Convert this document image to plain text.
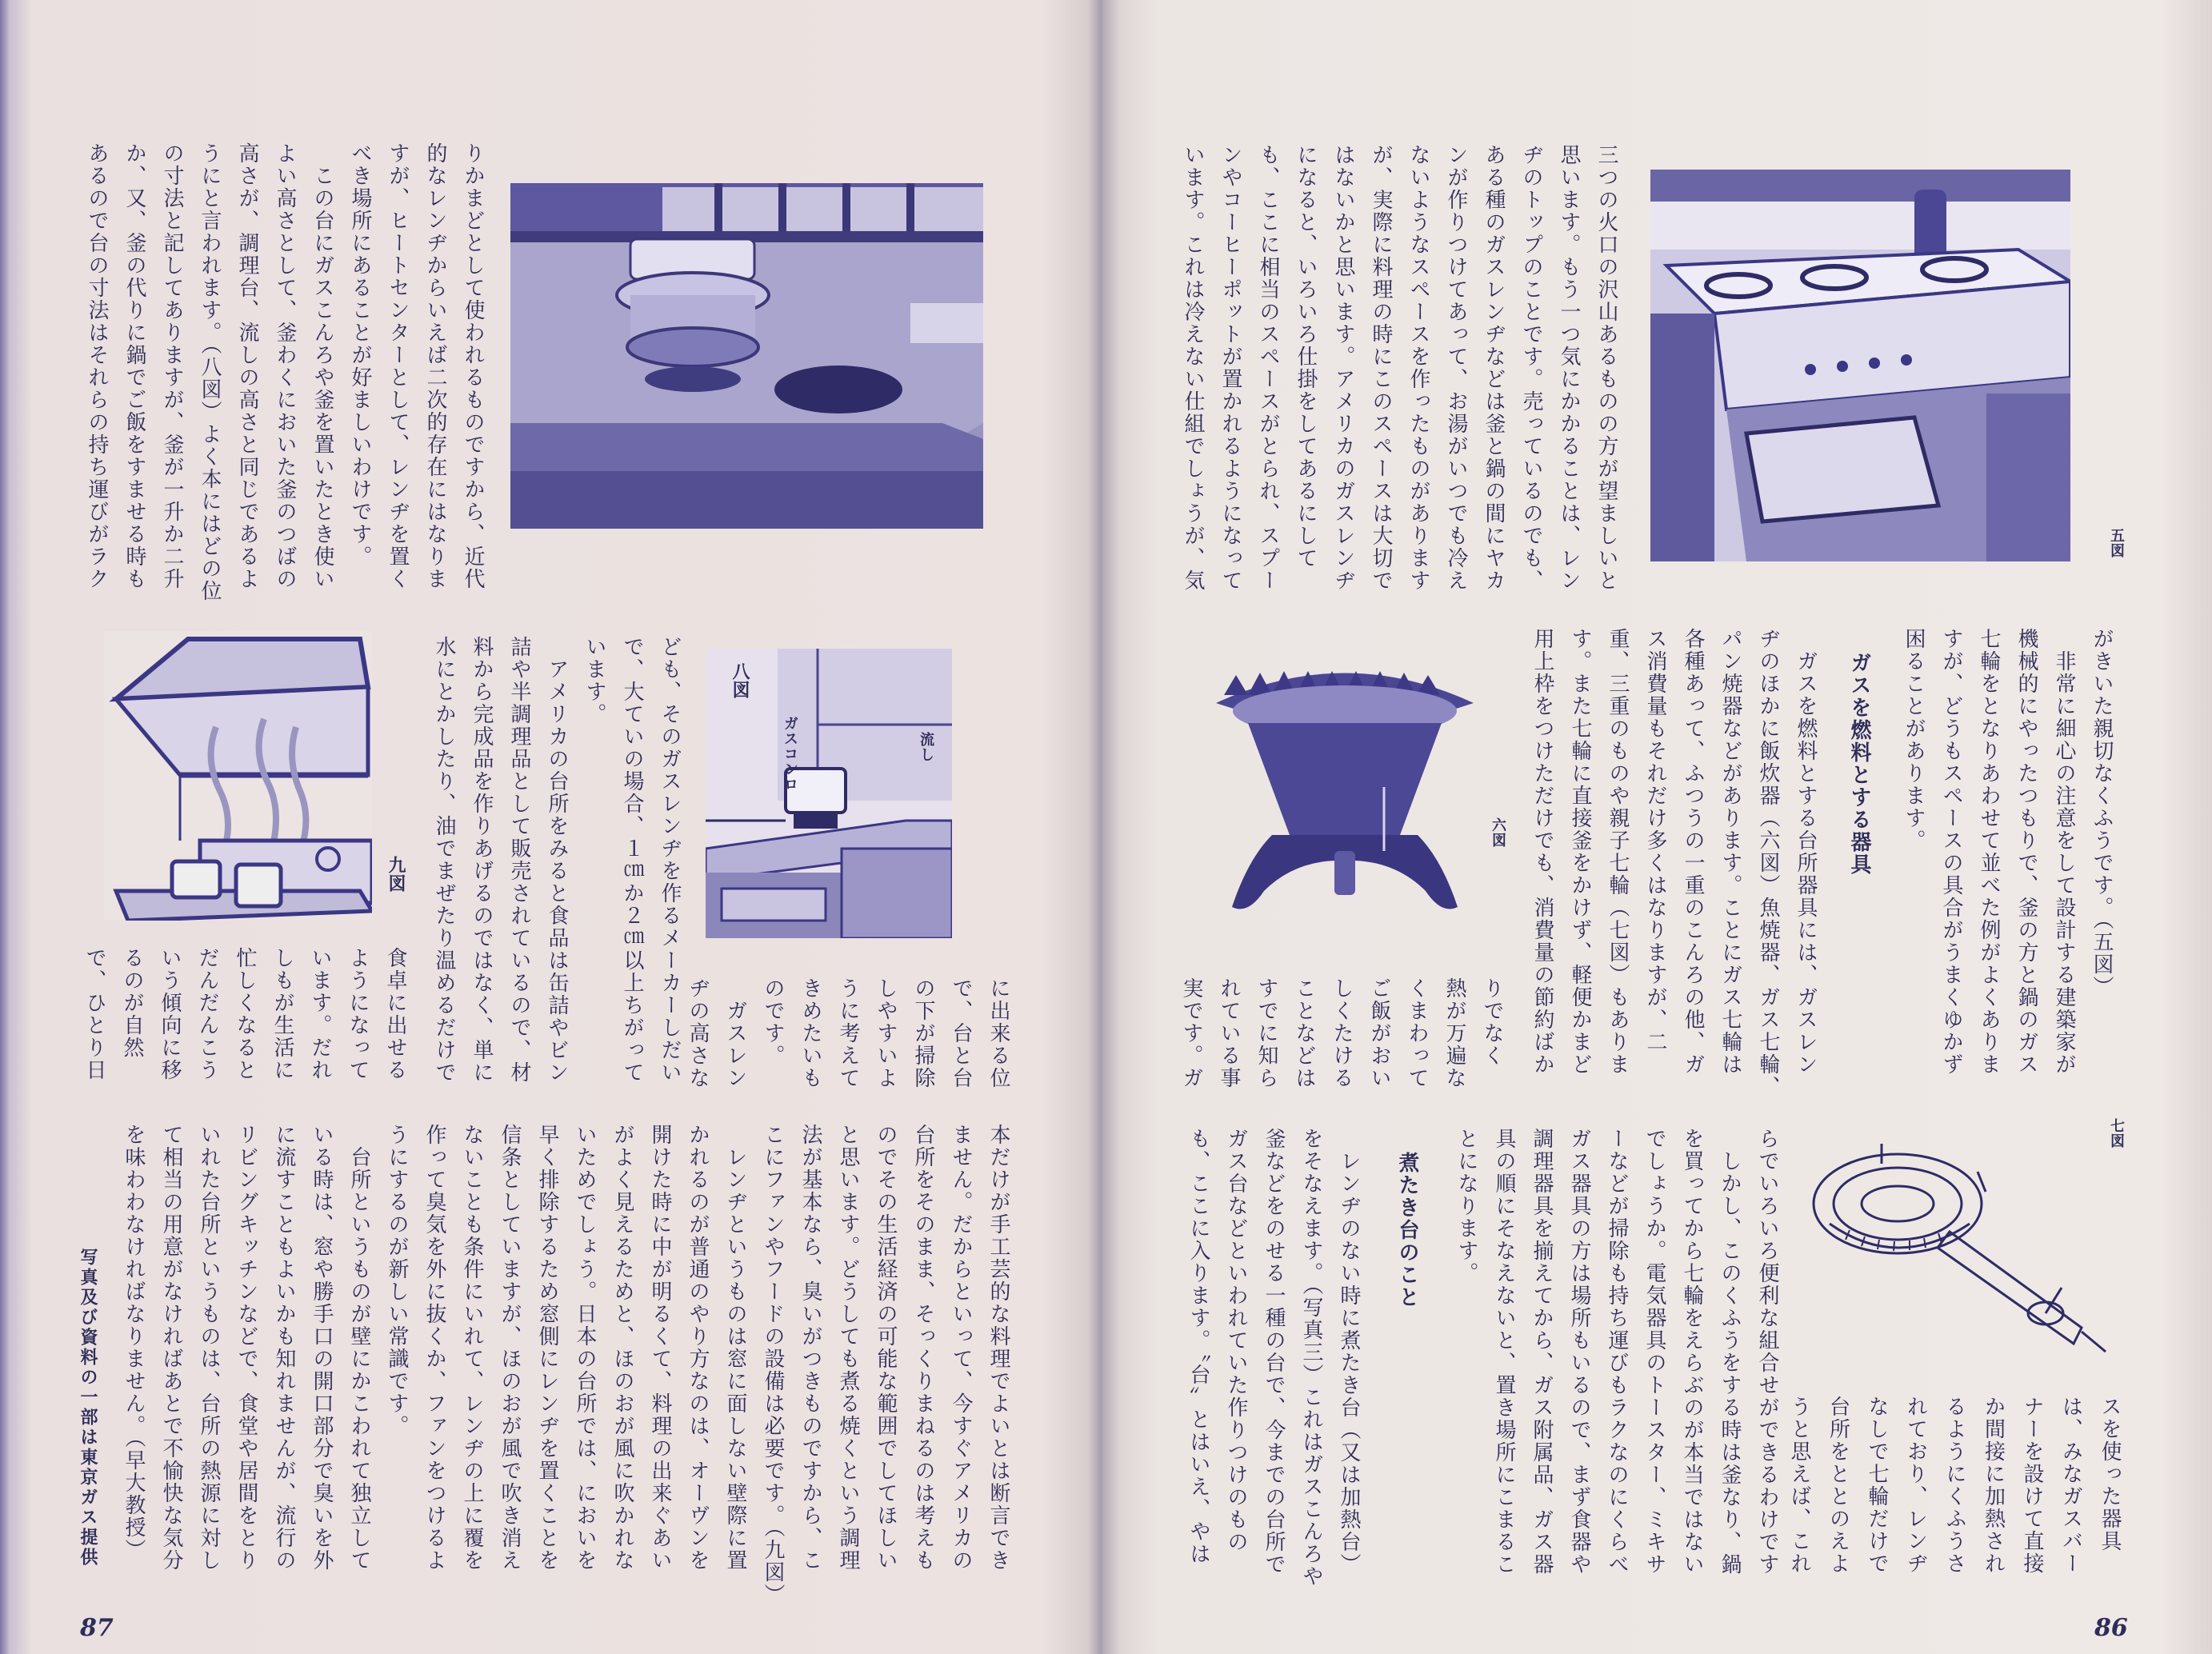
りかまどとして使われるものですから、近代
的なレンヂからいえば二次的存在にはなりま
すが、ヒートセンターとして、レンヂを置く
べき場所にあることが好ましいわけです。
　この台にガスこんろや釜を置いたとき使い
よい高さとして、釜わくにおいた釜のつばの
高さが、調理台、流しの高さと同じであるよ
うにと言われます。（八図）よく本にはどの位
の寸法と記してありますが、釜が一升か二升
か、又、釜の代りに鍋でご飯をすませる時も
あるので台の寸法はそれらの持ち運びがラク
九図	ども、そのガスレンヂを作るメーカーしだい
で、大ていの場合、１㎝か２㎝以上ちがって
います。
　アメリカの台所をみると食品は缶詰やビン
詰や半調理品として販売されているので、材
料から完成品を作りあげるのではなく、単に
水にとかしたり、油でまぜたり温めるだけで
食卓に出せる
ようになって
います。だれ
しもが生活に
忙しくなると
だんだんこう
いう傾向に移
るのが自然
で、ひとり日
八図
ガスコンロ	流し
に出来る位
で、台と台
の下が掃除
しやすいよ
うに考えて
きめたいも
のです。
　ガスレン
ヂの高さな
本だけが手工芸的な料理でよいとは断言でき
ません。だからといって、今すぐアメリカの
台所をそのまま、そっくりまねるのは考えも
のでその生活経済の可能な範囲でしてほしい
と思います。どうしても煮る焼くという調理
法が基本なら、臭いがつきものですから、こ
こにファンやフードの設備は必要です。（九図）
　レンヂというものは窓に面しない壁際に置
かれるのが普通のやり方なのは、オーヴンを
開けた時に中が明るくて、料理の出来ぐあい
がよく見えるためと、ほのおが風に吹かれな
いためでしょう。日本の台所では、においを
早く排除するため窓側にレンヂを置くことを
信条としていますが、ほのおが風で吹き消え
ないことも条件にいれて、レンヂの上に覆を
作って臭気を外に抜くか、ファンをつけるよ
うにするのが新しい常識です。
　台所というものが壁にかこわれて独立して
いる時は、窓や勝手口の開口部分で臭いを外
に流すこともよいかも知れませんが、流行の
リビングキッチンなどで、食堂や居間をとり
いれた台所というものは、台所の熱源に対し
て相当の用意がなければあとで不愉快な気分
を味わわなければなりません。（早大教授）
写真及び資料の一部は東京ガス提供
87
三つの火口の沢山あるものの方が望ましいと
思います。もう一つ気にかかることは、レン
ヂのトップのことです。売っているのでも、
ある種のガスレンヂなどは釜と鍋の間にヤカ
ンが作りつけてあって、お湯がいつでも冷え
ないようなスペースを作ったものがあります
が、実際に料理の時にこのスペースは大切で
はないかと思います。アメリカのガスレンヂ
になると、いろいろ仕掛をしてあるにして
も、ここに相当のスペースがとられ、スプー
ンやコーヒーポットが置かれるようになって
います。これは冷えない仕組でしょうが、気	五図
がきいた親切なくふうです。（五図）
　非常に細心の注意をして設計する建築家が
機械的にやったつもりで、釜の方と鍋のガス
七輪をとなりあわせて並べた例がよくありま
すが、どうもスペースの具合がうまくゆかず
困ることがあります。
ガスを燃料とする器具
　ガスを燃料とする台所器具には、ガスレン
ヂのほかに飯炊器（六図）魚焼器、ガス七輪、
パン焼器などがあります。ことにガス七輪は
各種あって、ふつうの一重のこんろの他、ガ
ス消費量もそれだけ多くはなりますが、二
重、三重のものや親子七輪（七図）もありま
す。また七輪に直接釜をかけず、軽便かまど
用上枠をつけただけでも、消費量の節約ばか
六図
りでなく
熱が万遍な
くまわって
ご飯がおい
しくたける
ことなどは
すでに知ら
れている事
実です。ガ
らでいろいろ便利な組合せができるわけです
　しかし、このくふうをする時は釜なり、鍋
を買ってから七輪をえらぶのが本当ではない
でしょうか。電気器具のトースター、ミキサ
ーなどが掃除も持ち運びもラクなのにくらべ
ガス器具の方は場所もいるので、まず食器や
調理器具を揃えてから、ガス附属品、ガス器
具の順にそなえないと、置き場所にこまるこ
とになります。
煮たき台のこと
　レンヂのない時に煮たき台（又は加熱台）
をそなえます。（写真三）これはガスこんろや
釜などをのせる一種の台で、今までの台所で
ガス台などといわれていた作りつけのもの
も、ここに入ります。〝台〟とはいえ、やは	七図
スを使った器具
は、みなガスバー
ナーを設けて直接
か間接に加熱され
るようにくふうさ
れており、レンヂ
なしで七輪だけで
台所をととのえよ
うと思えば、これ
86
